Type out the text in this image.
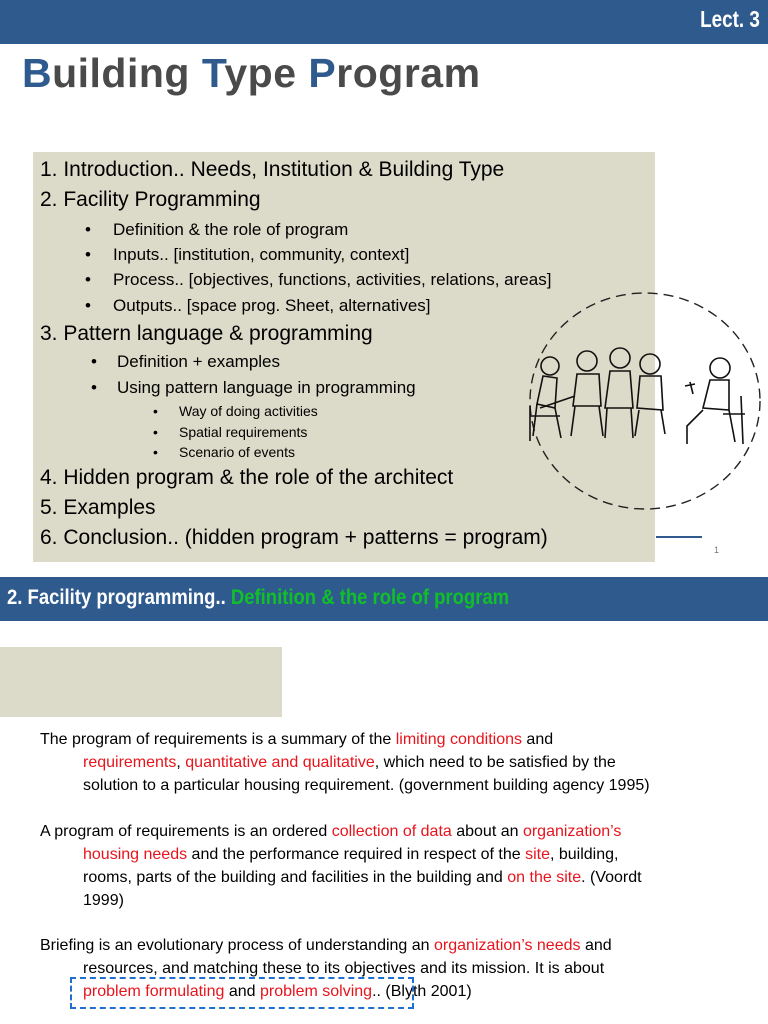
Lect. 3
Building Type Program
1. Introduction.. Needs, Institution & Building Type
2. Facility Programming
• Definition & the role of program
• Inputs.. [institution, community, context]
• Process.. [objectives, functions, activities, relations, areas]
• Outputs.. [space prog. Sheet, alternatives]
3. Pattern language & programming
• Definition + examples
• Using pattern language in programming
• Way of doing activities
• Spatial requirements
• Scenario of events
4. Hidden program & the role of the architect
5. Examples
6. Conclusion.. (hidden program + patterns = program)
1
2. Facility programming.. Definition & the role of program
The program of requirements is a summary of the limiting conditions and
requirements, quantitative and qualitative, which need to be satisfied by the
solution to a particular housing requirement. (government building agency 1995)
A program of requirements is an ordered collection of data about an organization’s
housing needs and the performance required in respect of the site, building,
rooms, parts of the building and facilities in the building and on the site. (Voordt
1999)
Briefing is an evolutionary process of understanding an organization’s needs and
resources, and matching these to its objectives and its mission. It is about
problem formulating and problem solving.. (Blyth 2001)
